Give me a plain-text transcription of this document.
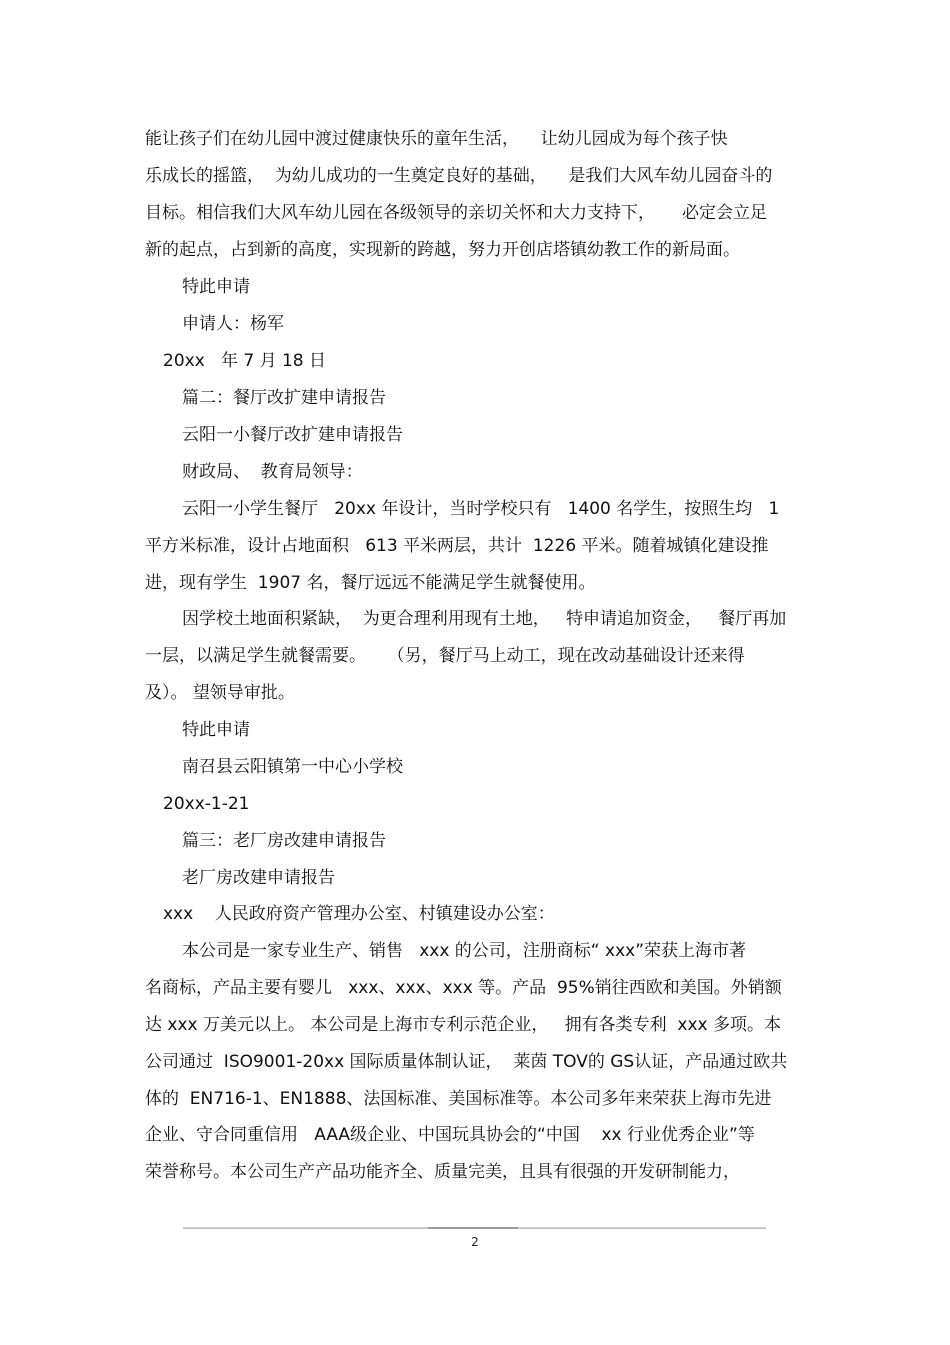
能让孩子们在幼儿园中渡过健康快乐的童年生活，    让幼儿园成为每个孩子快
乐成长的摇篮，  为幼儿成功的一生奠定良好的基础，    是我们大风车幼儿园奋斗的
目标。相信我们大风车幼儿园在各级领导的亲切关怀和大力支持下，     必定会立足
新的起点，占到新的高度，实现新的跨越，努力开创店塔镇幼教工作的新局面。
特此申请
申请人：杨军
20xx   年 7 月 18 日
篇二：餐厅改扩建申请报告
云阳一小餐厅改扩建申请报告
财政局、  教育局领导：
云阳一小学生餐厅   20xx 年设计，当时学校只有   1400 名学生，按照生均   1
平方米标准，设计占地面积   613 平米两层，共计  1226 平米。随着城镇化建设推
进，现有学生  1907 名，餐厅远远不能满足学生就餐使用。
因学校土地面积紧缺，  为更合理利用现有土地，   特申请追加资金，   餐厅再加
一层，以满足学生就餐需要。    （另，餐厅马上动工，现在改动基础设计还来得
及）。 望领导审批。
特此申请
南召县云阳镇第一中心小学校
20xx-1-21
篇三：老厂房改建申请报告
老厂房改建申请报告
xxx    人民政府资产管理办公室、村镇建设办公室：
本公司是一家专业生产、销售   xxx 的公司，注册商标“ xxx”荣获上海市著
名商标，产品主要有婴儿   xxx、xxx、xxx 等。产品  95%销往西欧和美国。外销额
达 xxx 万美元以上。 本公司是上海市专利示范企业，   拥有各类专利  xxx 多项。本
公司通过  ISO9001-20xx 国际质量体制认证，  莱茵 TOV的 GS认证，产品通过欧共
体的  EN716-1、EN1888、法国标准、美国标准等。本公司多年来荣获上海市先进
企业、守合同重信用   AAA级企业、中国玩具协会的“中国    xx 行业优秀企业”等
荣誉称号。本公司生产产品功能齐全、质量完美，且具有很强的开发研制能力，
2
